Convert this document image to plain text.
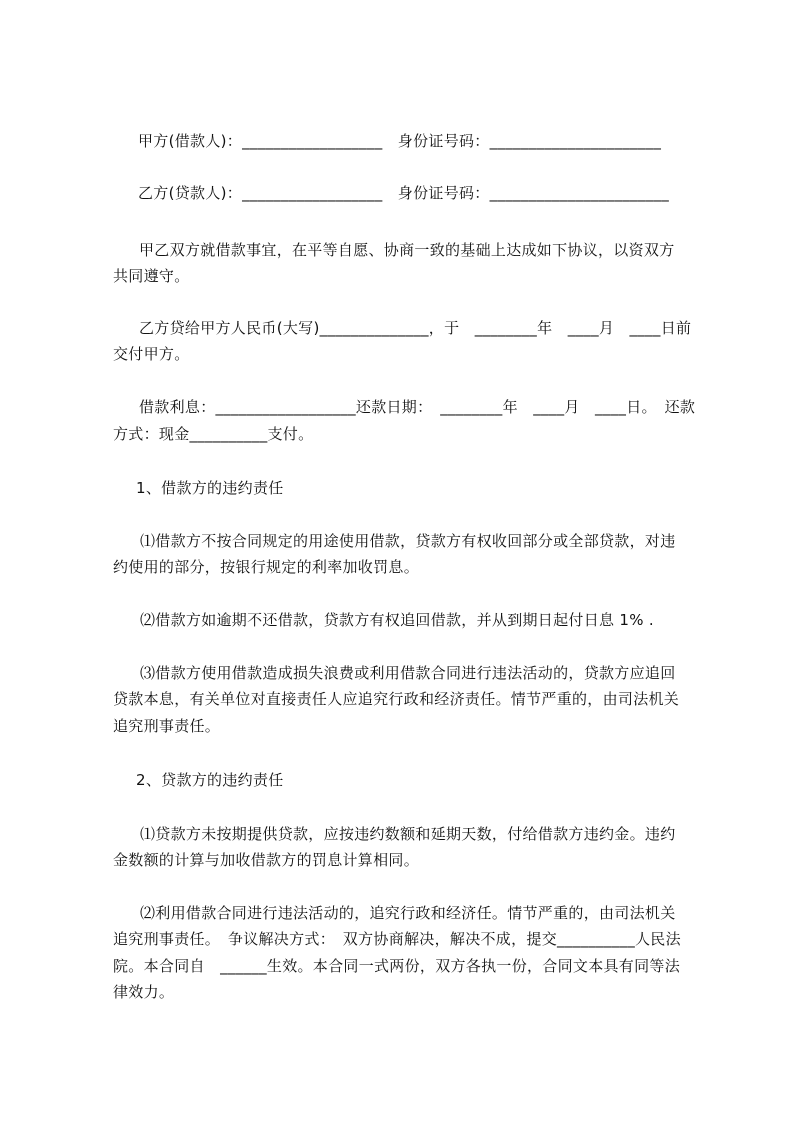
甲方(借款人)：__________________　身份证号码：______________________
乙方(贷款人)：__________________　身份证号码：_______________________
甲乙双方就借款事宜，在平等自愿、协商一致的基础上达成如下协议，以资双方
共同遵守。
乙方贷给甲方人民币(大写)______________，于　________年　____月　____日前
交付甲方。
借款利息：__________________还款日期：　________年　____月　____日。　还款
方式：现金__________支付。
1、借款方的违约责任
⑴借款方不按合同规定的用途使用借款，贷款方有权收回部分或全部贷款，对违
约使用的部分，按银行规定的利率加收罚息。
⑵借款方如逾期不还借款，贷款方有权追回借款，并从到期日起付日息 1% .
⑶借款方使用借款造成损失浪费或利用借款合同进行违法活动的，贷款方应追回
贷款本息，有关单位对直接责任人应追究行政和经济责任。情节严重的，由司法机关
追究刑事责任。
2、贷款方的违约责任
⑴贷款方未按期提供贷款，应按违约数额和延期天数，付给借款方违约金。违约
金数额的计算与加收借款方的罚息计算相同。
⑵利用借款合同进行违法活动的，追究行政和经济任。情节严重的，由司法机关
追究刑事责任。　争议解决方式：　双方协商解决，解决不成，提交__________人民法
院。本合同自　______生效。本合同一式两份，双方各执一份，合同文本具有同等法
律效力。
